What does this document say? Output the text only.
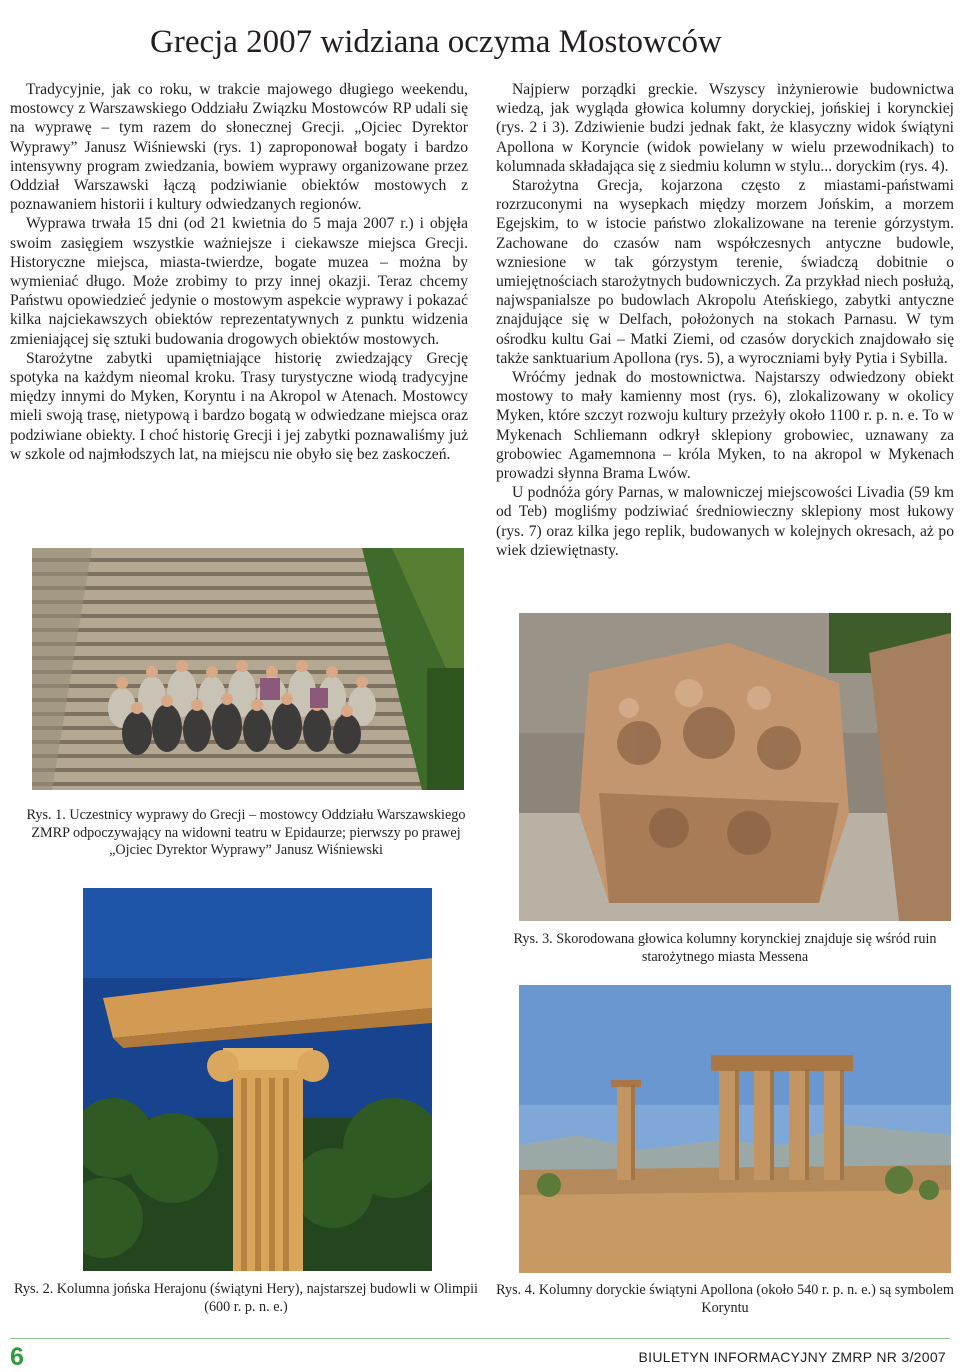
Grecja 2007 widziana oczyma Mostowców

Tradycyjnie, jak co roku, w trakcie majowego długiego weekendu, mostowcy z Warszawskiego Oddziału Związku Mostowców RP udali się na wyprawę – tym razem do słonecznej Grecji. „Ojciec Dyrektor Wyprawy” Janusz Wiśniewski (rys. 1) zaproponował bogaty i bardzo intensywny program zwiedzania, bowiem wyprawy organizowane przez Oddział Warszawski łączą podziwianie obiektów mostowych z poznawaniem historii i kultury odwiedzanych regionów.

Wyprawa trwała 15 dni (od 21 kwietnia do 5 maja 2007 r.) i objęła swoim zasięgiem wszystkie ważniejsze i ciekawsze miejsca Grecji. Historyczne miejsca, miasta-twierdze, bogate muzea – można by wymieniać długo. Może zrobimy to przy innej okazji. Teraz chcemy Państwu opowiedzieć jedynie o mostowym aspekcie wyprawy i pokazać kilka najciekawszych obiektów reprezentatywnych z punktu widzenia zmieniającej się sztuki budowania drogowych obiektów mostowych.

Starożytne zabytki upamiętniające historię zwiedzający Grecję spotyka na każdym nieomal kroku. Trasy turystyczne wiodą tradycyjne między innymi do Myken, Koryntu i na Akropol w Atenach. Mostowcy mieli swoją trasę, nietypową i bardzo bogatą w odwiedzane miejsca oraz podziwiane obiekty. I choć historię Grecji i jej zabytki poznawaliśmy już w szkole od najmłodszych lat, na miejscu nie obyło się bez zaskoczeń.

Najpierw porządki greckie. Wszyscy inżynierowie budownictwa wiedzą, jak wygląda głowica kolumny doryckiej, jońskiej i korynckiej (rys. 2 i 3). Zdziwienie budzi jednak fakt, że klasyczny widok świątyni Apollona w Koryncie (widok powielany w wielu przewodnikach) to kolumnada składająca się z siedmiu kolumn w stylu... doryckim (rys. 4).

Starożytna Grecja, kojarzona często z miastami-państwami rozrzuconymi na wysepkach między morzem Jońskim, a morzem Egejskim, to w istocie państwo zlokalizowane na terenie górzystym. Zachowane do czasów nam współczesnych antyczne budowle, wzniesione w tak górzystym terenie, świadczą dobitnie o umiejętnościach starożytnych budowniczych. Za przykład niech posłużą, najwspanialsze po budowlach Akropolu Ateńskiego, zabytki antyczne znajdujące się w Delfach, położonych na stokach Parnasu. W tym ośrodku kultu Gai – Matki Ziemi, od czasów doryckich znajdowało się także sanktuarium Apollona (rys. 5), a wyroczniami były Pytia i Sybilla.

Wróćmy jednak do mostownictwa. Najstarszy odwiedzony obiekt mostowy to mały kamienny most (rys. 6), zlokalizowany w okolicy Myken, które szczyt rozwoju kultury przeżyły około 1100 r. p. n. e. To w Mykenach Schliemann odkrył sklepiony grobowiec, uznawany za grobowiec Agamemnona – króla Myken, to na akropol w Mykenach prowadzi słynna Brama Lwów.

U podnóża góry Parnas, w malowniczej miejscowości Livadia (59 km od Teb) mogliśmy podziwiać średniowieczny sklepiony most łukowy (rys. 7) oraz kilka jego replik, budowanych w kolejnych okresach, aż po wiek dziewiętnasty.

Rys. 1. Uczestnicy wyprawy do Grecji – mostowcy Oddziału Warszawskiego ZMRP odpoczywający na widowni teatru w Epidaurze; pierwszy po prawej „Ojciec Dyrektor Wyprawy” Janusz Wiśniewski
Rys. 3. Skorodowana głowica kolumny korynckiej znajduje się wśród ruin starożytnego miasta Messena
Rys. 2. Kolumna jońska Herajonu (świątyni Hery), najstarszej budowli w Olimpii (600 r. p. n. e.)
Rys. 4. Kolumny doryckie świątyni Apollona (około 540 r. p. n. e.) są symbolem Koryntu
6	BIULETYN INFORMACYJNY ZMRP NR 3/2007
